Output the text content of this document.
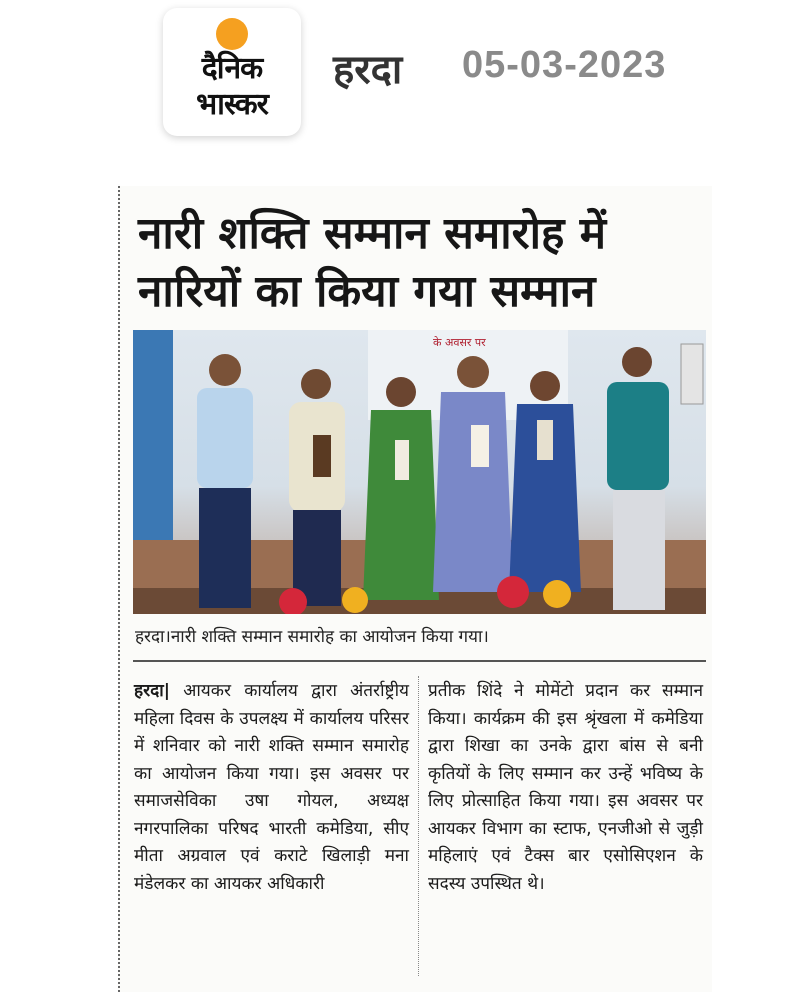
दैनिक
भास्कर
हरदा 05-03-2023
नारी शक्ति सम्मान समारोह में
नारियों का किया गया सम्मान
के अवसर पर
हरदा।नारी शक्ति सम्मान समारोह का आयोजन किया गया।
हरदा| आयकर कार्यालय द्वारा अंतर्राष्ट्रीय महिला दिवस के उपलक्ष्य में कार्यालय परिसर में शनिवार को नारी शक्ति सम्मान समारोह का आयोजन किया गया। इस अवसर पर समाजसेविका उषा गोयल, अध्यक्ष नगरपालिका परिषद भारती कमेडिया, सीए मीता अग्रवाल एवं कराटे खिलाड़ी मना मंडेलकर का आयकर अधिकारी
प्रतीक शिंदे ने मोमेंटो प्रदान कर सम्मान किया। कार्यक्रम की इस श्रृंखला में कमेडिया द्वारा शिखा का उनके द्वारा बांस से बनी कृतियों के लिए सम्मान कर उन्हें भविष्य के लिए प्रोत्साहित किया गया। इस अवसर पर आयकर विभाग का स्टाफ, एनजीओ से जुड़ी महिलाएं एवं टैक्स बार एसोसिएशन के सदस्य उपस्थित थे।
